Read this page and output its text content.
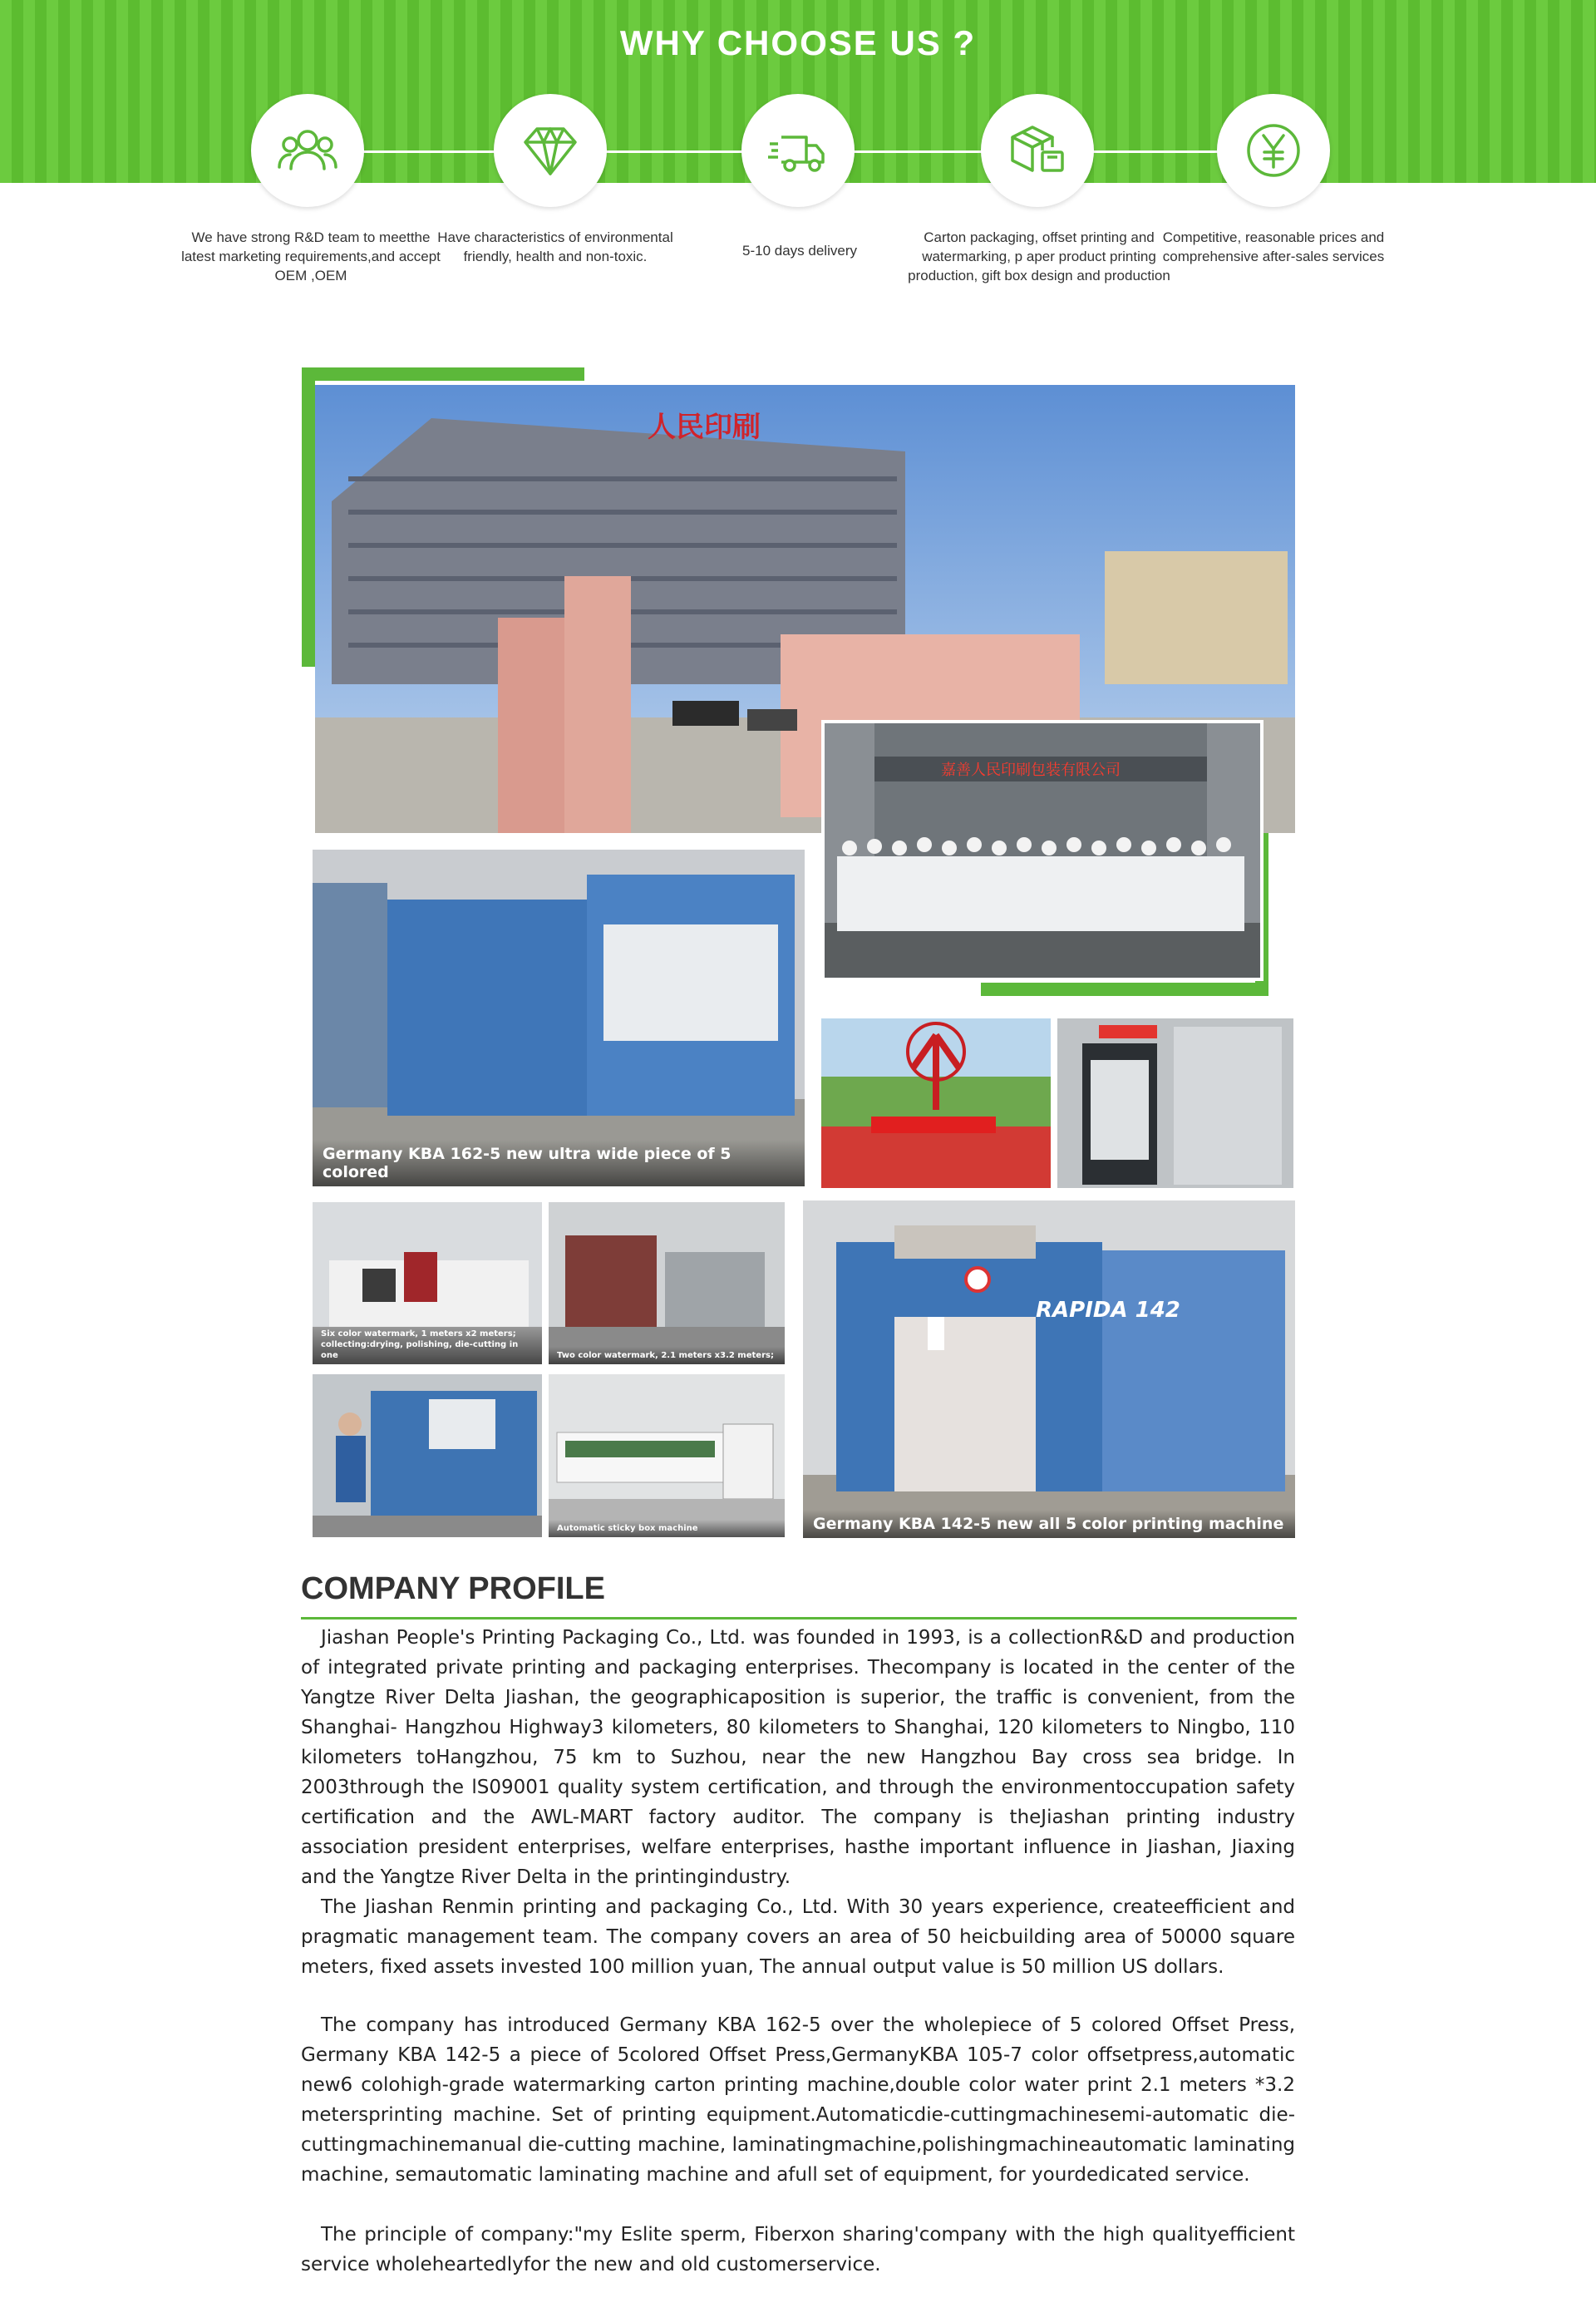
WHY CHOOSE US ?
We have strong R&D team to meetthe latest marketing requirements,and accept OEM ,OEM
Have characteristics of environmental friendly, health and non-toxic.	5-10 days delivery
Carton packaging, offset printing and watermarking, p aper product printing production, gift box design and production
Competitive, reasonable prices and comprehensive after-sales services
人民印刷
嘉善人民印刷包装有限公司
Germany KBA 162-5 new ultra wide piece of 5 colored
Six color watermark, 1 meters x2 meters; collecting:drying, polishing, die-cutting in one	Two color watermark, 2.1 meters x3.2 meters;
Automatic sticky box machine
RAPIDA 142
Germany KBA 142-5 new all 5 color printing machine
COMPANY PROFILE
Jiashan People's Printing Packaging Co., Ltd. was founded in 1993, is a collectionR&D and production of integrated private printing and packaging enterprises. Thecompany is located in the center of the Yangtze River Delta Jiashan, the geographicaposition is superior, the traffic is convenient, from the Shanghai- Hangzhou Highway3 kilometers, 80 kilometers to Shanghai, 120 kilometers to Ningbo, 110 kilometers toHangzhou, 75 km to Suzhou, near the new Hangzhou Bay cross sea bridge. In 2003through the lS09001 quality system certification, and through the environmentoccupation safety certification and the AWL-MART factory auditor. The company is theJiashan printing industry association president enterprises, welfare enterprises, hasthe important influence in Jiashan, Jiaxing and the Yangtze River Delta in the printingindustry.
The Jiashan Renmin printing and packaging Co., Ltd. With 30 years experience, createefficient and pragmatic management team. The company covers an area of 50 heicbuilding area of 50000 square meters, fixed assets invested 100 million yuan, The annual output value is 50 million US dollars.
The company has introduced Germany KBA 162-5 over the wholepiece of 5 colored Offset Press, Germany KBA 142-5 a piece of 5colored Offset Press,GermanyKBA 105-7 color offsetpress,automatic new6 colohigh-grade watermarking carton printing machine,double color water print 2.1 meters *3.2 metersprinting machine. Set of printing equipment.Automaticdie-cuttingmachinesemi-automatic die-cuttingmachinemanual die-cutting machine, laminatingmachine,polishingmachineautomatic laminating machine, semautomatic laminating machine and afull set of equipment, for yourdedicated service.
The principle of company:"my Eslite sperm, Fiberxon sharing'company with the high qualityefficient service wholeheartedlyfor the new and old customerservice.
